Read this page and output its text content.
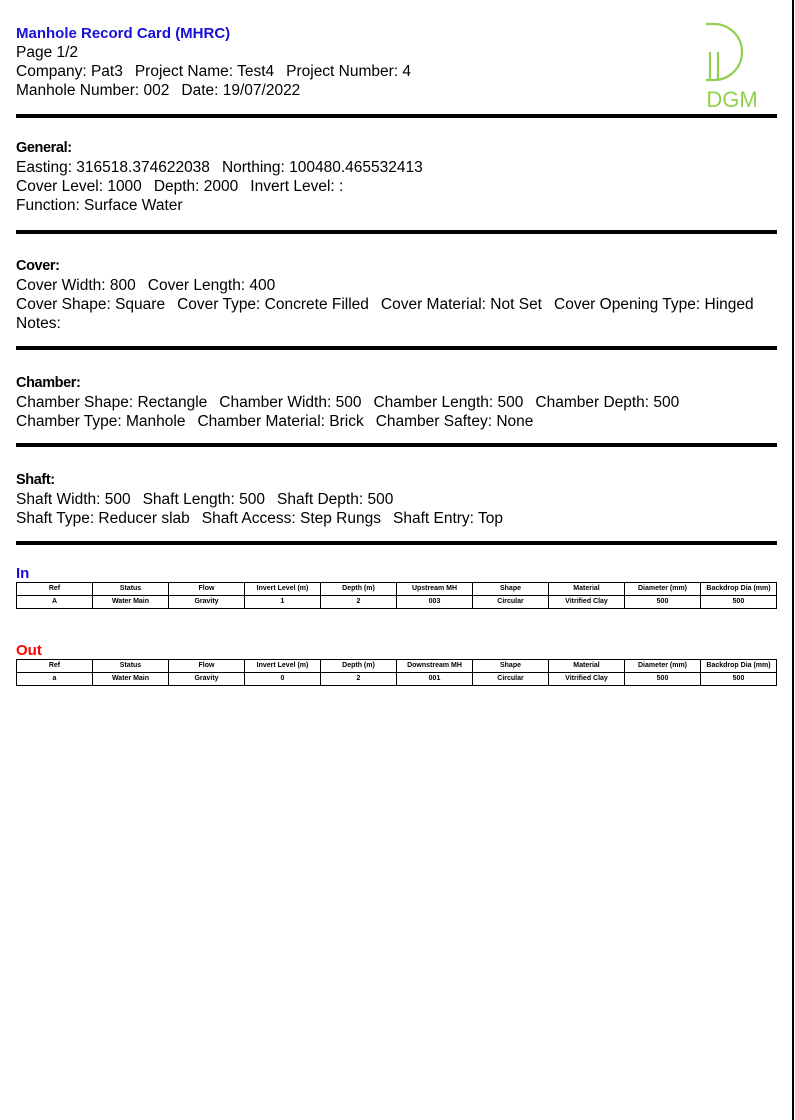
Manhole Record Card (MHRC)
Page 1/2
Company: Pat3 Project Name: Test4 Project Number: 4
Manhole Number: 002 Date: 19/07/2022	DGM
General:
Easting: 316518.374622038 Northing: 100480.465532413
Cover Level: 1000 Depth: 2000 Invert Level: :
Function: Surface Water
Cover:
Cover Width: 800 Cover Length: 400
Cover Shape: Square Cover Type: Concrete Filled Cover Material: Not Set Cover Opening Type: Hinged
Notes:
Chamber:
Chamber Shape: Rectangle Chamber Width: 500 Chamber Length: 500 Chamber Depth: 500
Chamber Type: Manhole Chamber Material: Brick Chamber Saftey: None
Shaft:
Shaft Width: 500 Shaft Length: 500 Shaft Depth: 500
Shaft Type: Reducer slab Shaft Access: Step Rungs Shaft Entry: Top
In
Ref	Status	Flow	Invert Level (m)	Depth (m)	Upstream MH	Shape	Material	Diameter (mm)	Backdrop Dia (mm)
A	Water Main	Gravity	1	2	003	Circular	Vitrified Clay	500	500
Out
Ref	Status	Flow	Invert Level (m)	Depth (m)	Downstream MH	Shape	Material	Diameter (mm)	Backdrop Dia (mm)
a	Water Main	Gravity	0	2	001	Circular	Vitrified Clay	500	500
